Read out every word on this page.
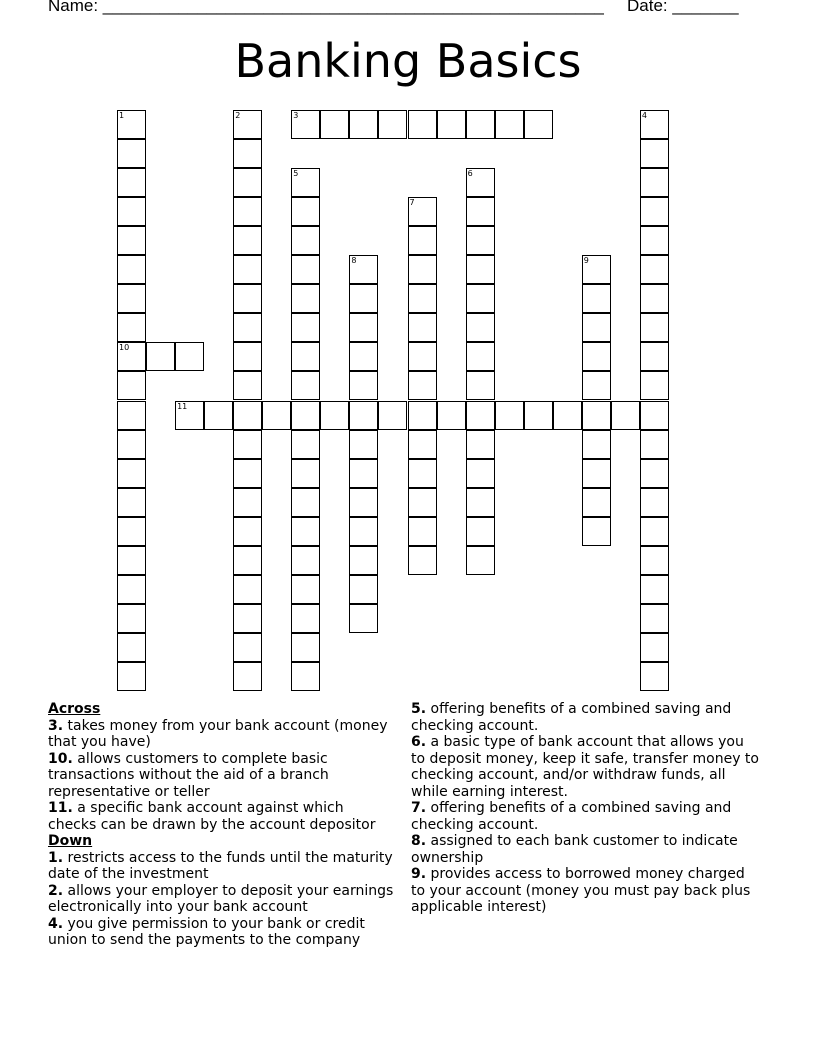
Name: _____________________________________________________ Date: _______
Banking Basics
1
10
2	3	4
5	6
7
8	9
11
Across
3. takes money from your bank account (money that you have)
10. allows customers to complete basic transactions without the aid of a branch representative or teller
11. a specific bank account against which checks can be drawn by the account depositor
Down
1. restricts access to the funds until the maturity date of the investment
2. allows your employer to deposit your earnings electronically into your bank account
4. you give permission to your bank or credit union to send the payments to the company
5. offering benefits of a combined saving and checking account.
6. a basic type of bank account that allows you to deposit money, keep it safe, transfer money to checking account, and/or withdraw funds, all while earning interest.
7. offering benefits of a combined saving and checking account.
8. assigned to each bank customer to indicate ownership
9. provides access to borrowed money charged to your account (money you must pay back plus applicable interest)
